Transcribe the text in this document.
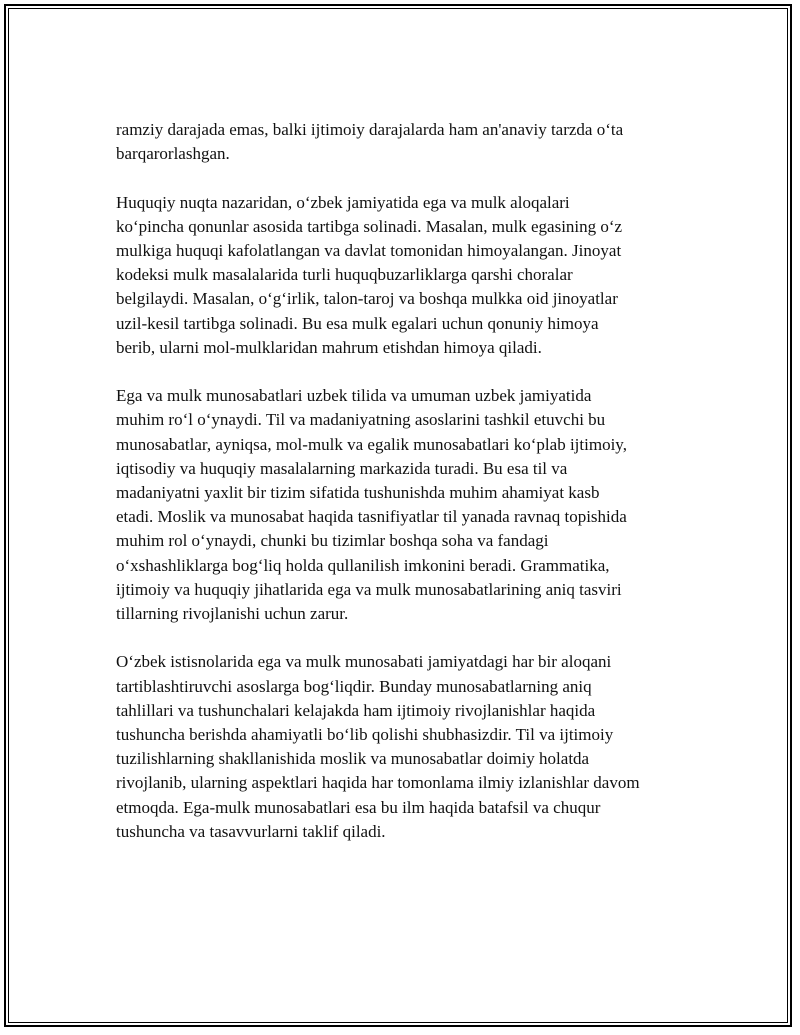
ramziy darajada emas, balki ijtimoiy darajalarda ham an'anaviy tarzda o‘ta
barqarorlashgan.

Huquqiy nuqta nazaridan, o‘zbek jamiyatida ega va mulk aloqalari
ko‘pincha qonunlar asosida tartibga solinadi. Masalan, mulk egasining o‘z
mulkiga huquqi kafolatlangan va davlat tomonidan himoyalangan. Jinoyat
kodeksi mulk masalalarida turli huquqbuzarliklarga qarshi choralar
belgilaydi. Masalan, o‘g‘irlik, talon-taroj va boshqa mulkka oid jinoyatlar
uzil-kesil tartibga solinadi. Bu esa mulk egalari uchun qonuniy himoya
berib, ularni mol-mulklaridan mahrum etishdan himoya qiladi.

Ega va mulk munosabatlari uzbek tilida va umuman uzbek jamiyatida
muhim ro‘l o‘ynaydi. Til va madaniyatning asoslarini tashkil etuvchi bu
munosabatlar, ayniqsa, mol-mulk va egalik munosabatlari ko‘plab ijtimoiy,
iqtisodiy va huquqiy masalalarning markazida turadi. Bu esa til va
madaniyatni yaxlit bir tizim sifatida tushunishda muhim ahamiyat kasb
etadi. Moslik va munosabat haqida tasnifiyatlar til yanada ravnaq topishida
muhim rol o‘ynaydi, chunki bu tizimlar boshqa soha va fandagi
o‘xshashliklarga bog‘liq holda qullanilish imkonini beradi. Grammatika,
ijtimoiy va huquqiy jihatlarida ega va mulk munosabatlarining aniq tasviri
tillarning rivojlanishi uchun zarur.

O‘zbek istisnolarida ega va mulk munosabati jamiyatdagi har bir aloqani
tartiblashtiruvchi asoslarga bog‘liqdir. Bunday munosabatlarning aniq
tahlillari va tushunchalari kelajakda ham ijtimoiy rivojlanishlar haqida
tushuncha berishda ahamiyatli bo‘lib qolishi shubhasizdir. Til va ijtimoiy
tuzilishlarning shakllanishida moslik va munosabatlar doimiy holatda
rivojlanib, ularning aspektlari haqida har tomonlama ilmiy izlanishlar davom
etmoqda. Ega-mulk munosabatlari esa bu ilm haqida batafsil va chuqur
tushuncha va tasavvurlarni taklif qiladi.
